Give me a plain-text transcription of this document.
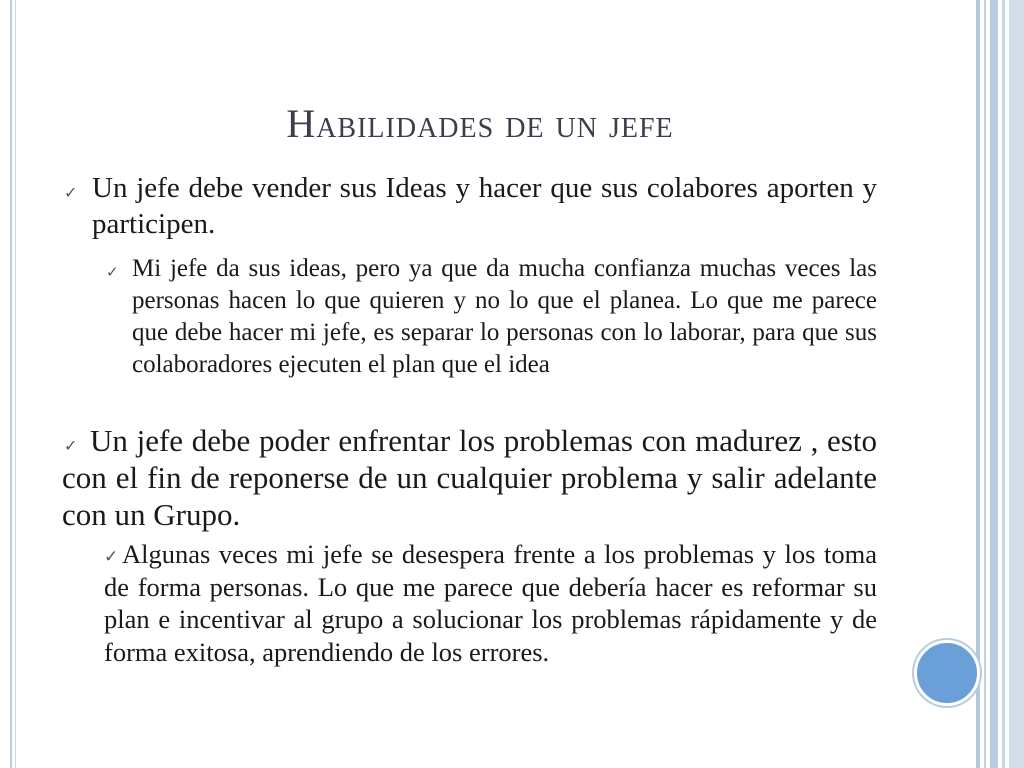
Habilidades de un jefe
✓ Un jefe debe vender sus Ideas y hacer que sus colabores aporten y participen.
✓ Mi jefe da sus ideas, pero ya que da mucha confianza muchas veces las personas hacen lo que quieren y no lo que el planea. Lo que me parece que debe hacer mi jefe, es separar lo personas con lo laborar, para que sus colaboradores ejecuten el plan que el idea
✓ Un jefe debe poder enfrentar los problemas con madurez , esto con el fin de reponerse de un cualquier problema y salir adelante con un Grupo.
✓ Algunas veces mi jefe se desespera frente a los problemas y los toma de forma personas. Lo que me parece que debería hacer es reformar su plan e incentivar al grupo a solucionar los problemas rápidamente y de forma exitosa, aprendiendo de los errores.
